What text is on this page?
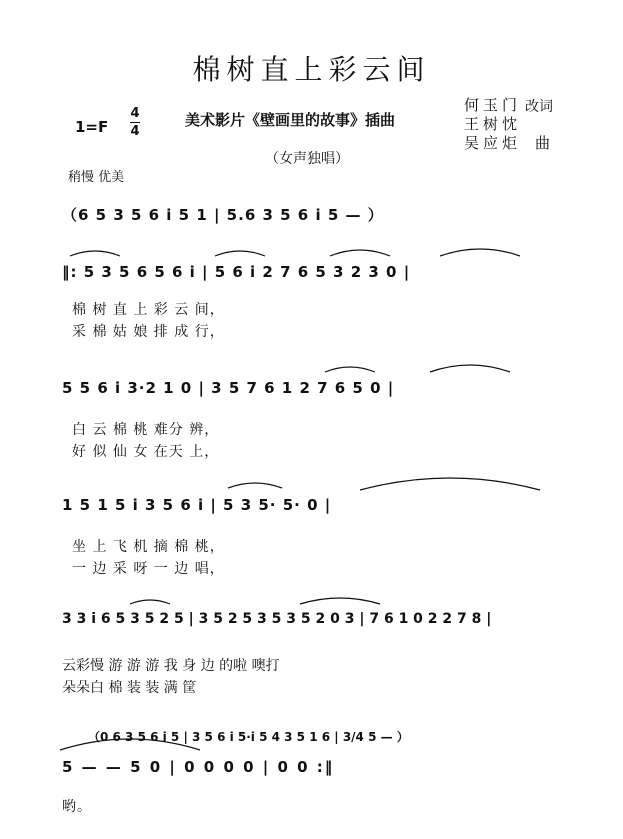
棉树直上彩云间
1=F
4
4
美术影片《壁画里的故事》插曲
（女声独唱）
何玉门
王树忱
改词
吴应炬 曲
稍慢 优美
（6 5 3 5 6 i 5 1 | 5.6 3 5 6 i 5 — ）
‖: 5 3 5 6 5 6 i | 5 6 i 2 7 6 5 3 2 3 0 |
棉 树 直 上 彩 云 间，
采 棉 姑 娘 排 成 行，
5 5 6 i 3·2 1 0 | 3 5 7 6 1 2 7 6 5 0 |
白 云 棉 桃 难分 辨，
好 似 仙 女 在天 上，
1 5 1 5 i 3 5 6 i | 5 3 5· 5· 0 |
坐 上 飞 机 摘 棉 桃，
一 边 采 呀 一 边 唱，
3 3 i 6 5 3 5 2 5 | 3 5 2 5 3 5 3 5 2 0 3 | 7 6 1 0 2 2 7 8 |
云彩慢 游 游 游 我 身 边 的啦 噢打
朵朵白 棉 装 装 满 筐
（0 6 3 5 6 i 5 | 3 5 6 i 5·i 5 4 3 5 1 6 | 3/4 5 — ）
5 — — 5 0 | 0 0 0 0 | 0 0 :‖
哟。
